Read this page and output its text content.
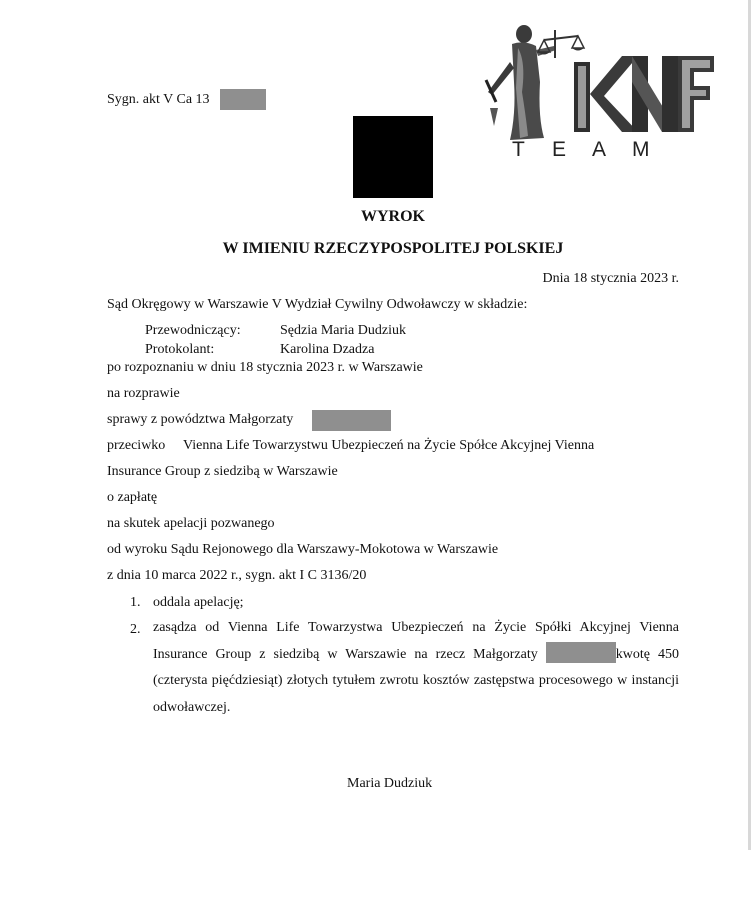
T E A M
Sygn. akt V Ca 13
WYROK
W IMIENIU RZECZYPOSPOLITEJ POLSKIEJ
Dnia 18 stycznia 2023 r.
Sąd Okręgowy w Warszawie V Wydział Cywilny Odwoławczy w składzie:
Przewodniczący:	Sędzia Maria Dudziuk
Protokolant:	Karolina Dzadza
po rozpoznaniu w dniu 18 stycznia 2023 r. w Warszawie
na rozprawie
sprawy z powództwa Małgorzaty
przeciwko Vienna Life Towarzystwu Ubezpieczeń na Życie Spółce Akcyjnej Vienna
Insurance Group z siedzibą w Warszawie
o zapłatę
na skutek apelacji pozwanego
od wyroku Sądu Rejonowego dla Warszawy-Mokotowa w Warszawie
z dnia 10 marca 2022 r., sygn. akt I C 3136/20
1. oddala apelację;
2. zasądza od Vienna Life Towarzystwa Ubezpieczeń na Życie Spółki Akcyjnej Vienna Insurance Group z siedzibą w Warszawie na rzecz Małgorzaty	kwotę 450 (czterysta pięćdziesiąt) złotych tytułem zwrotu kosztów zastępstwa procesowego w instancji odwoławczej.
Maria Dudziuk
